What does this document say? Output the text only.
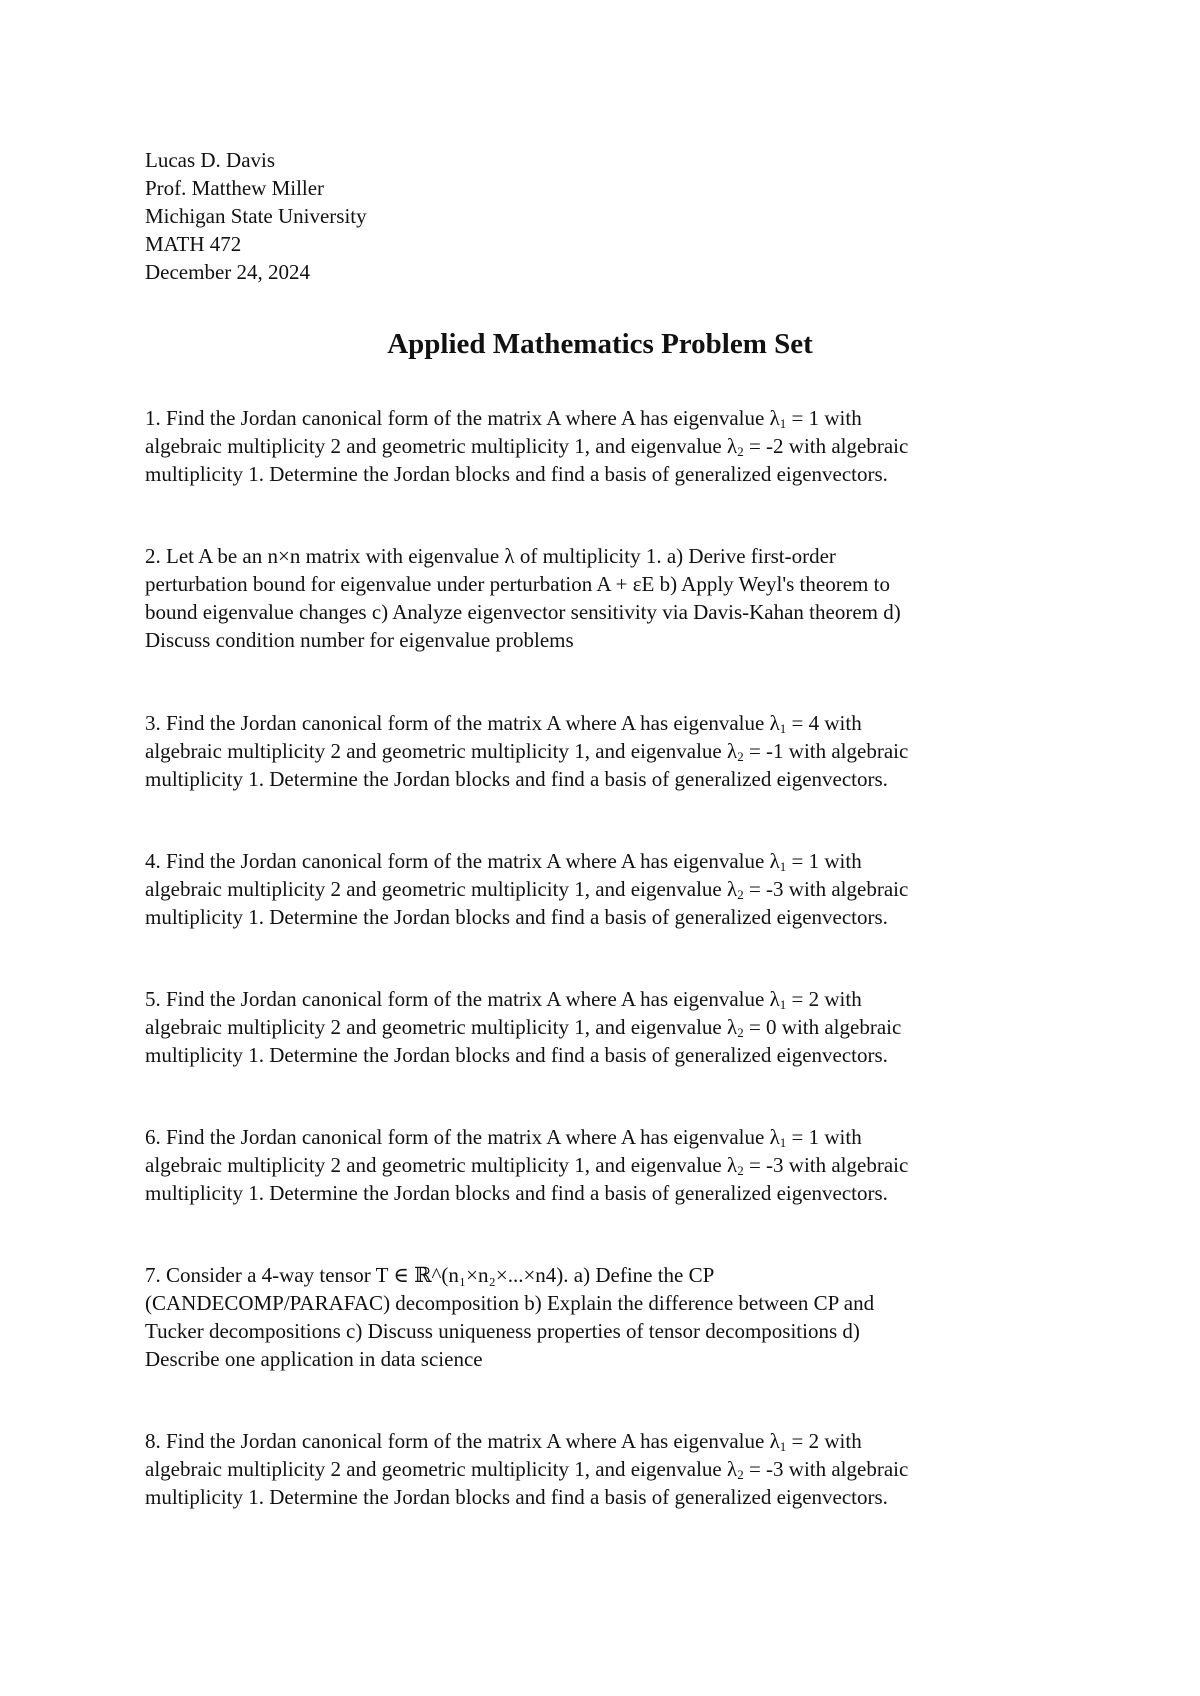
Lucas D. Davis
Prof. Matthew Miller
Michigan State University
MATH 472
December 24, 2024
Applied Mathematics Problem Set
1. Find the Jordan canonical form of the matrix A where A has eigenvalue $\lambda_1 = 1$ with
algebraic multiplicity 2 and geometric multiplicity 1, and eigenvalue $\lambda_2 = -2$ with algebraic
multiplicity 1. Determine the Jordan blocks and find a basis of generalized eigenvectors.
2. Let A be an n×n matrix with eigenvalue λ of multiplicity 1. a) Derive first-order
perturbation bound for eigenvalue under perturbation A + εE b) Apply Weyl's theorem to
bound eigenvalue changes c) Analyze eigenvector sensitivity via Davis-Kahan theorem d)
Discuss condition number for eigenvalue problems
3. Find the Jordan canonical form of the matrix A where A has eigenvalue $\lambda_1 = 4$ with
algebraic multiplicity 2 and geometric multiplicity 1, and eigenvalue $\lambda_2 = -1$ with algebraic
multiplicity 1. Determine the Jordan blocks and find a basis of generalized eigenvectors.
4. Find the Jordan canonical form of the matrix A where A has eigenvalue $\lambda_1 = 1$ with
algebraic multiplicity 2 and geometric multiplicity 1, and eigenvalue $\lambda_2 = -3$ with algebraic
multiplicity 1. Determine the Jordan blocks and find a basis of generalized eigenvectors.
5. Find the Jordan canonical form of the matrix A where A has eigenvalue $\lambda_1 = 2$ with
algebraic multiplicity 2 and geometric multiplicity 1, and eigenvalue $\lambda_2 = 0$ with algebraic
multiplicity 1. Determine the Jordan blocks and find a basis of generalized eigenvectors.
6. Find the Jordan canonical form of the matrix A where A has eigenvalue $\lambda_1 = 1$ with
algebraic multiplicity 2 and geometric multiplicity 1, and eigenvalue $\lambda_2 = -3$ with algebraic
multiplicity 1. Determine the Jordan blocks and find a basis of generalized eigenvectors.
7. Consider a 4-way tensor T ∈ ℝ^(n₁×n₂×...×n4). a) Define the CP
(CANDECOMP/PARAFAC) decomposition b) Explain the difference between CP and
Tucker decompositions c) Discuss uniqueness properties of tensor decompositions d)
Describe one application in data science
8. Find the Jordan canonical form of the matrix A where A has eigenvalue $\lambda_1 = 2$ with
algebraic multiplicity 2 and geometric multiplicity 1, and eigenvalue $\lambda_2 = -3$ with algebraic
multiplicity 1. Determine the Jordan blocks and find a basis of generalized eigenvectors.
